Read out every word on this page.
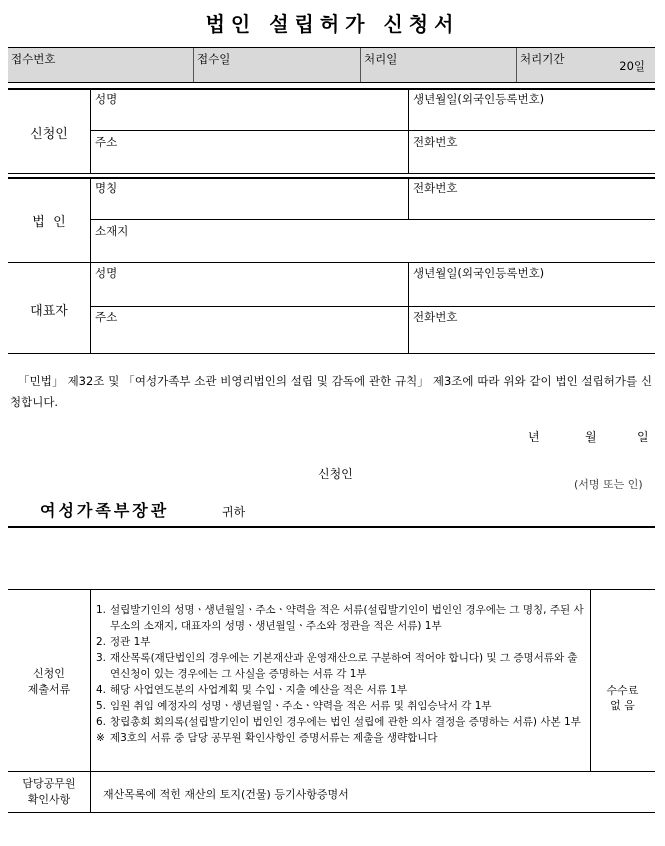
법인 설립허가 신청서
접수번호	접수일	처리일	처리기간	20일
신청인
성명	생년월일(외국인등록번호)
주소	전화번호
법  인
명칭	전화번호
소재지
대표자
성명	생년월일(외국인등록번호)
주소	전화번호
「민법」 제32조 및 「여성가족부 소관 비영리법인의 설립 및 감독에 관한 규칙」 제3조에 따라 위와 같이 법인 설립허가를 신청합니다.
년	월	일
신청인
(서명 또는 인)
여성가족부장관	귀하
신청인
제출서류
1. 설립발기인의 성명ㆍ생년월일ㆍ주소ㆍ약력을 적은 서류(설립발기인이 법인인 경우에는 그 명칭, 주된 사무소의 소재지, 대표자의 성명ㆍ생년월일ㆍ주소와 정관을 적은 서류) 1부
2. 정관 1부
3. 재산목록(재단법인의 경우에는 기본재산과 운영재산으로 구분하여 적어야 합니다) 및 그 증명서류와 출연신청이 있는 경우에는 그 사실을 증명하는 서류 각 1부
4. 해당 사업연도분의 사업계획 및 수입ㆍ지출 예산을 적은 서류 1부
5. 임원 취임 예정자의 성명ㆍ생년월일ㆍ주소ㆍ약력을 적은 서류 및 취임승낙서 각 1부
6. 창립총회 회의록(설립발기인이 법인인 경우에는 법인 설립에 관한 의사 결정을 증명하는 서류) 사본 1부
※ 제3호의 서류 중 담당 공무원 확인사항인 증명서류는 제출을 생략합니다
수수료
없 음
담당공무원
확인사항	재산목록에 적힌 재산의 토지(건물) 등기사항증명서
